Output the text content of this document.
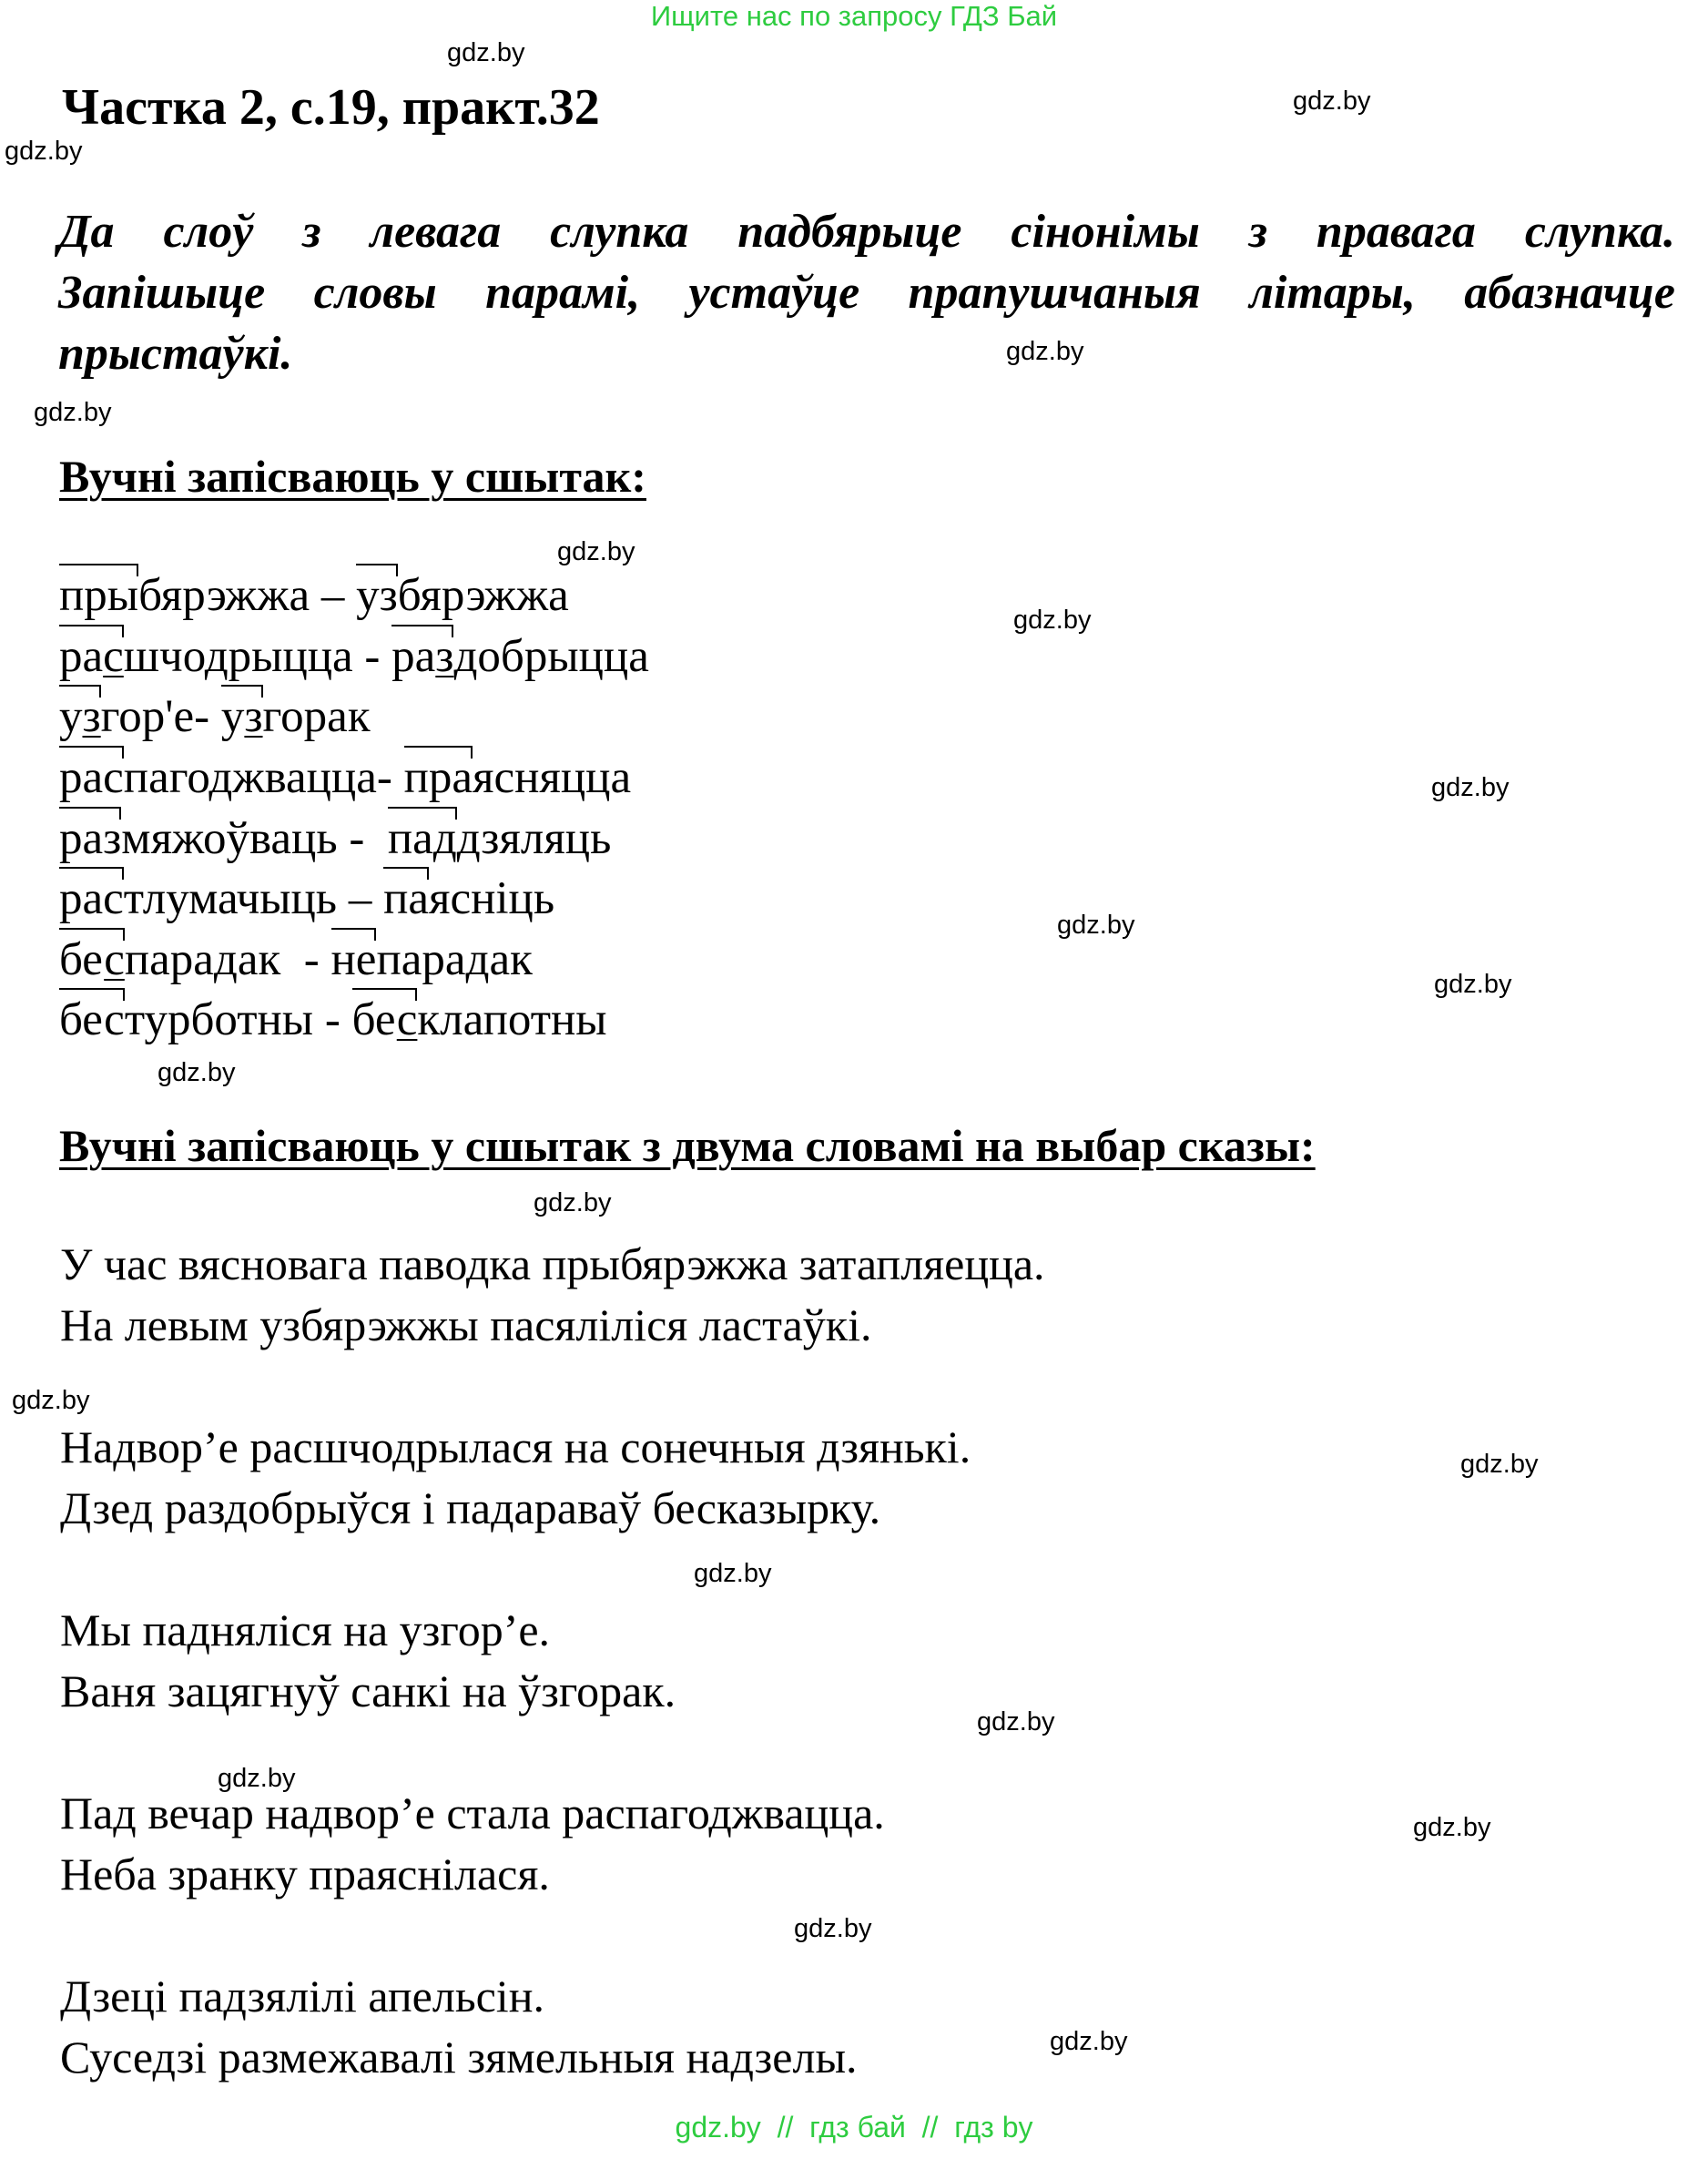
Ищите нас по запросу ГДЗ Бай
gdz.by
gdz.by
gdz.by
gdz.by
gdz.by
gdz.by
gdz.by
gdz.by
gdz.by
gdz.by
gdz.by
gdz.by
gdz.by
gdz.by
gdz.by
gdz.by
gdz.by
gdz.by
gdz.by
gdz.by
Частка 2, с.19, практ.32
Да слоў з левага слупка падбярыце сінонімы з правага слупка.
Запішыце словы парамі, устаўце прапушчаныя літары, абазначце
прыстаўкі.
Вучні запісваюць у сшытак:
прыбярэжжа – узбярэжжа
расшчодрыцца - раздобрыцца
узгор'е- узгорак
распагоджвацца- праясняцца
размяжоўваць -  паддзяляць
растлумачыць – паясніць
беспарадак  - непарадак
бестурботны - бесклапотны
Вучні запісваюць у сшытак з двума словамі на выбар сказы:
У час вясновага паводка прыбярэжжа затапляецца.
На левым узбярэжжы пасяліліся ластаўкі.
Надвор’е расшчодрылася на сонечныя дзянькі.
Дзед раздобрыўся і падараваў бесказырку.
Мы падняліся на узгор’е.
Ваня зацягнуў санкі на ўзгорак.
Пад вечар надвор’е стала распагоджвацца.
Неба зранку праяснілася.
Дзеці падзялілі апельсін.
Суседзі размежавалі зямельныя надзелы.
gdz.by  //  гдз бай  //  гдз by
